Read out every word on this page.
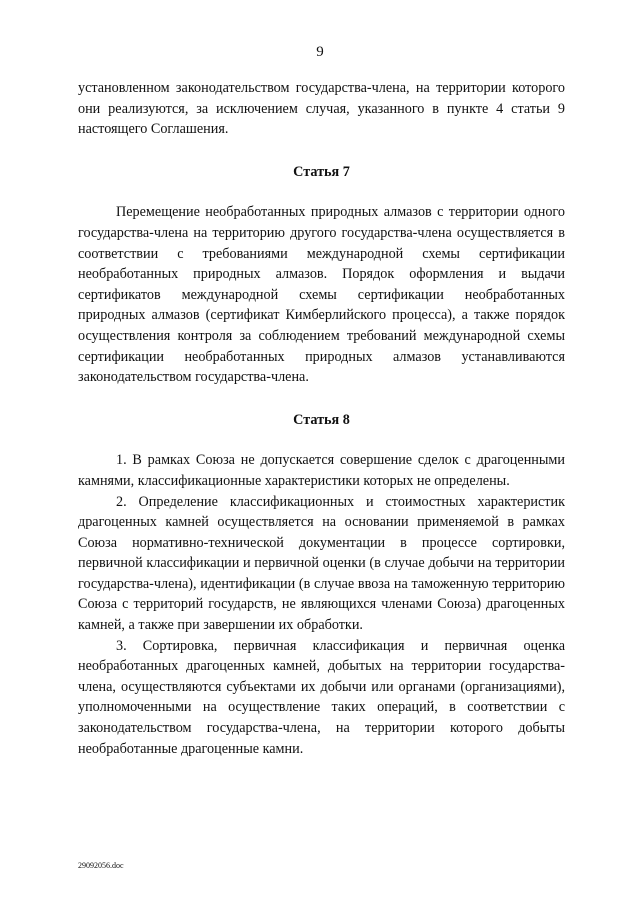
9

установленном законодательством государства-члена, на территории которого они реализуются, за исключением случая, указанного в пункте 4 статьи 9 настоящего Соглашения.

Статья 7

Перемещение необработанных природных алмазов с территории одного государства-члена на территорию другого государства-члена осуществляется в соответствии с требованиями международной схемы сертификации необработанных природных алмазов. Порядок оформления и выдачи сертификатов международной схемы сертификации необработанных природных алмазов (сертификат Кимберлийского процесса), а также порядок осуществления контроля за соблюдением требований международной схемы сертификации необработанных природных алмазов устанавливаются законодательством государства-члена.

Статья 8

1. В рамках Союза не допускается совершение сделок с драгоценными камнями, классификационные характеристики которых не определены.

2. Определение классификационных и стоимостных характеристик драгоценных камней осуществляется на основании применяемой в рамках Союза нормативно-технической документации в процессе сортировки, первичной классификации и первичной оценки (в случае добычи на территории государства-члена), идентификации (в случае ввоза на таможенную территорию Союза с территорий государств, не являющихся членами Союза) драгоценных камней, а также при завершении их обработки.

3. Сортировка, первичная классификация и первичная оценка необработанных драгоценных камней, добытых на территории государства-члена, осуществляются субъектами их добычи или органами (организациями), уполномоченными на осуществление таких операций, в соответствии с законодательством государства-члена, на территории которого добыты необработанные драгоценные камни.

29092056.doc
